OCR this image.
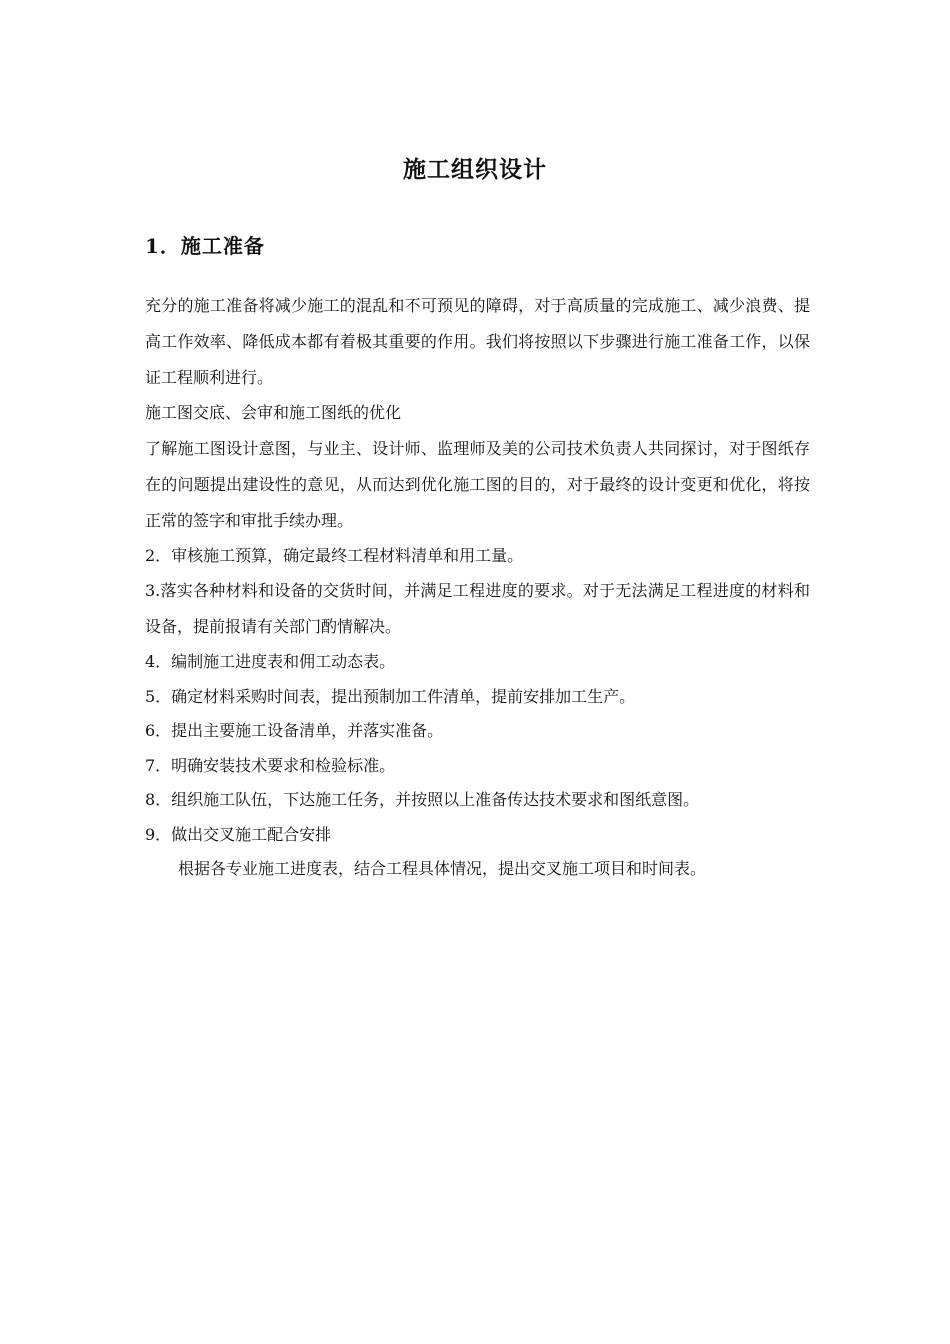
施工组织设计
1．施工准备

充分的施工准备将减少施工的混乱和不可预见的障碍，对于高质量的完成施工、减少浪费、提高工作效率、降低成本都有着极其重要的作用。我们将按照以下步骤进行施工准备工作，以保证工程顺利进行。

施工图交底、会审和施工图纸的优化

了解施工图设计意图，与业主、设计师、监理师及美的公司技术负责人共同探讨，对于图纸存在的问题提出建设性的意见，从而达到优化施工图的目的，对于最终的设计变更和优化，将按正常的签字和审批手续办理。

2．审核施工预算，确定最终工程材料清单和用工量。

3.落实各种材料和设备的交货时间，并满足工程进度的要求。对于无法满足工程进度的材料和设备，提前报请有关部门酌情解决。

4．编制施工进度表和佣工动态表。

5．确定材料采购时间表，提出预制加工件清单，提前安排加工生产。

6．提出主要施工设备清单，并落实准备。

7．明确安装技术要求和检验标准。

8．组织施工队伍，下达施工任务，并按照以上准备传达技术要求和图纸意图。

9．做出交叉施工配合安排

根据各专业施工进度表，结合工程具体情况，提出交叉施工项目和时间表。
